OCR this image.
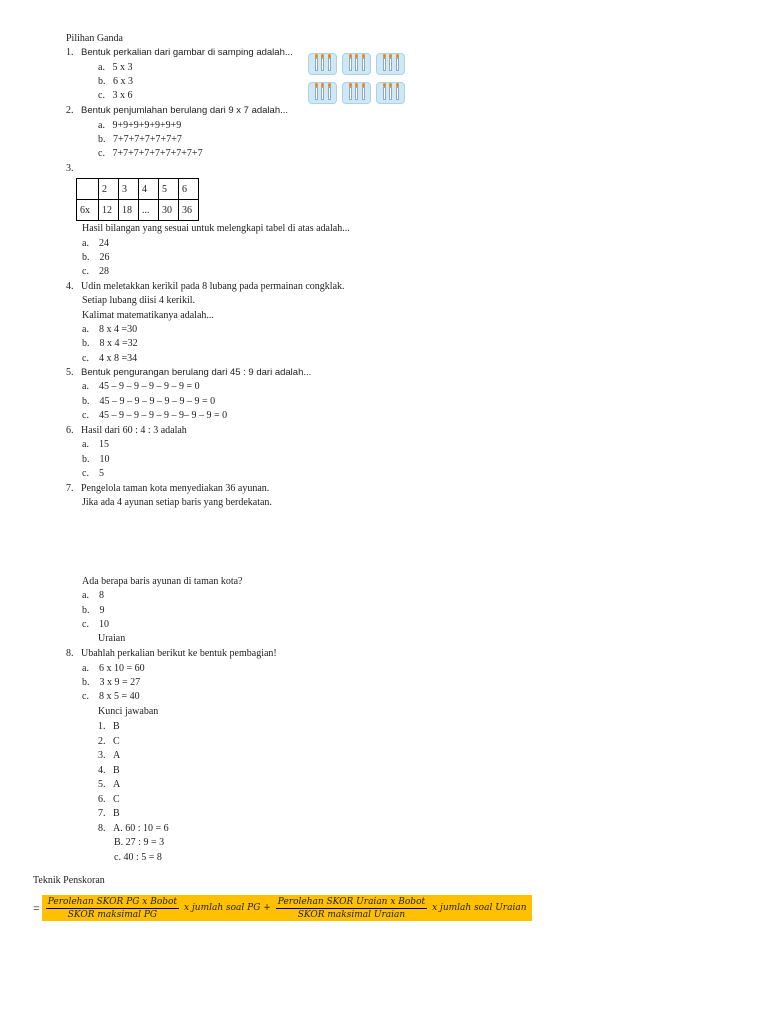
Pilihan Ganda
1. Bentuk perkalian dari gambar di samping adalah...
a. 5 x 3
b. 6 x 3
c. 3 x 6
2. Bentuk penjumlahan berulang dari 9 x 7 adalah...
a. 9+9+9+9+9+9+9
b. 7+7+7+7+7+7+7
c. 7+7+7+7+7+7+7+7+7
3.
	2	3	4	5	6
6x	12	18	...	30	36
Hasil bilangan yang sesuai untuk melengkapi tabel di atas adalah...
a. 24
b. 26
c. 28
4. Udin meletakkan kerikil pada 8 lubang pada permainan congklak.
Setiap lubang diisi 4 kerikil.
Kalimat matematikanya adalah...
a. 8 x 4 =30
b. 8 x 4 =32
c. 4 x 8 =34
5. Bentuk pengurangan berulang dari 45 : 9 dari adalah...
a. 45 – 9 – 9 – 9 – 9 – 9 = 0
b. 45 – 9 – 9 – 9 – 9 – 9 – 9 = 0
c. 45 – 9 – 9 – 9 – 9 – 9– 9 – 9 = 0
6. Hasil dari 60 : 4 : 3 adalah
a. 15
b. 10
c. 5
7. Pengelola taman kota menyediakan 36 ayunan.
Jika ada 4 ayunan setiap baris yang berdekatan.
Ada berapa baris ayunan di taman kota?
a. 8
b. 9
c. 10
Uraian
8. Ubahlah perkalian berikut ke bentuk pembagian!
a. 6 x 10 = 60
b. 3 x 9 = 27
c. 8 x 5 = 40
Kunci jawaban
1. B
2. C
3. A
4. B
5. A
6. C
7. B
8. A. 60 : 10 = 6
B. 27 : 9 = 3
c. 40 : 5 = 8
Teknik Penskoran
= $\frac{\text{Perolehan SKOR PG x Bobot}}{\text{SKOR maksimal PG}}$ x jumlah soal PG + $\frac{\text{Perolehan SKOR Uraian x Bobot}}{\text{SKOR maksimal Uraian}}$ x jumlah soal Uraian
